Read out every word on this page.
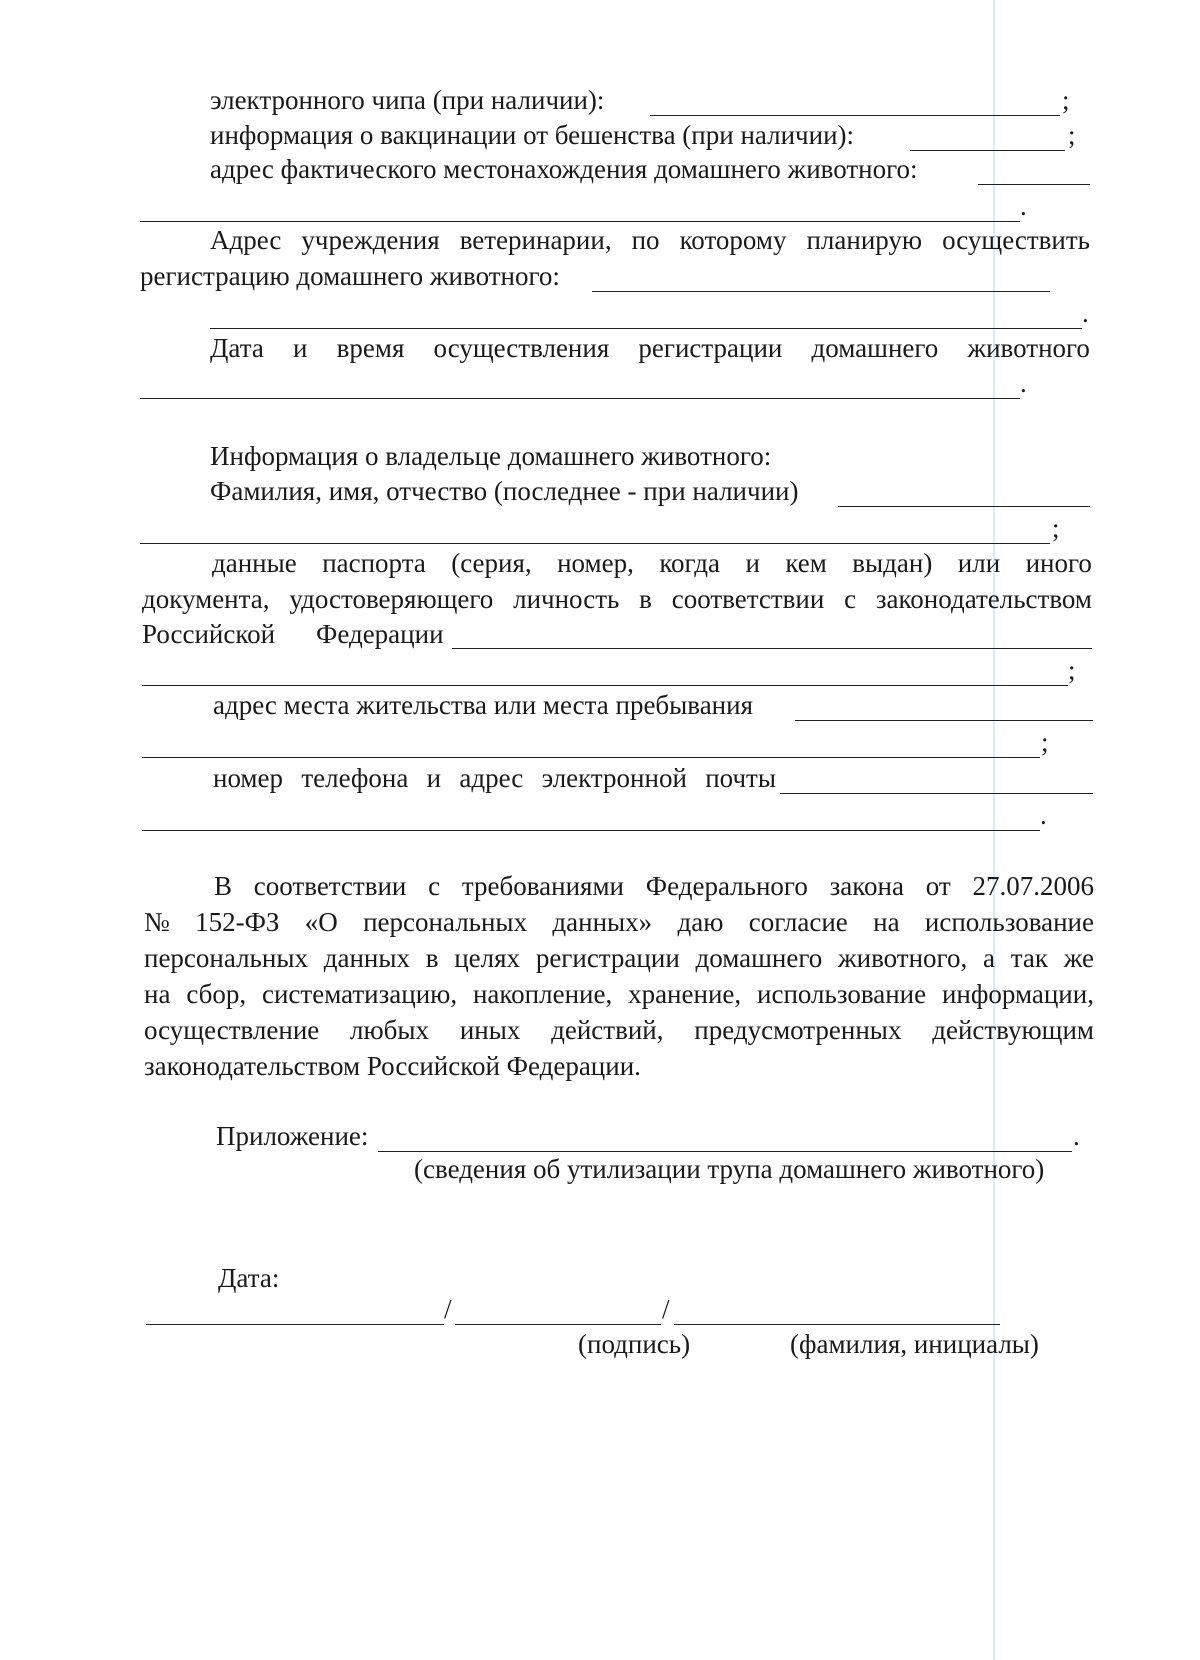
электронного чипа (при наличии):	;
информация о вакцинации от бешенства (при наличии):	;
адрес фактического местонахождения домашнего животного:
.
Адрес учреждения ветеринарии, по которому планирую осуществить
регистрацию домашнего животного:
.
Дата и время осуществления регистрации домашнего животного
.
Информация о владельце домашнего животного:
Фамилия, имя, отчество (последнее - при наличии)
;
данные паспорта (серия, номер, когда и кем выдан) или иного
документа, удостоверяющего личность в соответствии с законодательством
Российской Федерации
;
адрес места жительства или места пребывания
;
номер телефона и адрес электронной почты
.
В соответствии с требованиями Федерального закона от 27.07.2006
№ 152-ФЗ «О персональных данных» даю согласие на использование
персональных данных в целях регистрации домашнего животного, а так же
на сбор, систематизацию, накопление, хранение, использование информации,
осуществление любых иных действий, предусмотренных действующим
законодательством Российской Федерации.
Приложение:	.
(сведения об утилизации трупа домашнего животного)
Дата:
/	/
(подпись)	(фамилия, инициалы)
